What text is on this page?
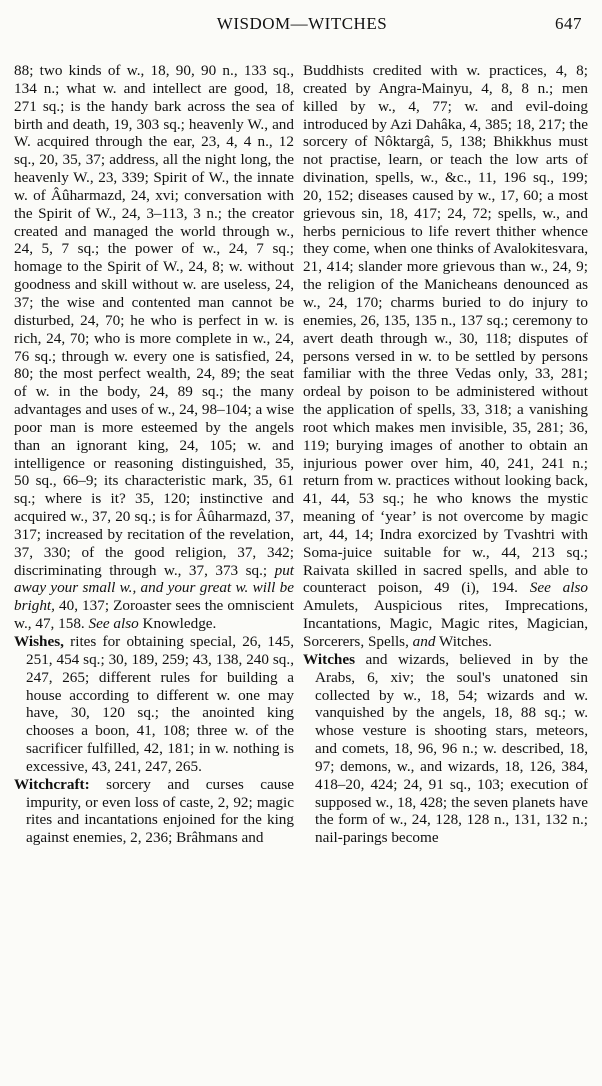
WISDOM—WITCHES	647

88; two kinds of w., 18, 90, 90 n., 133 sq., 134 n.; what w. and intellect are good, 18, 271 sq.; is the handy bark across the sea of birth and death, 19, 303 sq.; heavenly W., and W. acquired through the ear, 23, 4, 4 n., 12 sq., 20, 35, 37; address, all the night long, the heavenly W., 23, 339; Spirit of W., the innate w. of Âûharmazd, 24, xvi; conversation with the Spirit of W., 24, 3–113, 3 n.; the creator created and managed the world through w., 24, 5, 7 sq.; the power of w., 24, 7 sq.; homage to the Spirit of W., 24, 8; w. without goodness and skill without w. are useless, 24, 37; the wise and contented man cannot be disturbed, 24, 70; he who is perfect in w. is rich, 24, 70; who is more complete in w., 24, 76 sq.; through w. every one is satisfied, 24, 80; the most perfect wealth, 24, 89; the seat of w. in the body, 24, 89 sq.; the many advantages and uses of w., 24, 98–104; a wise poor man is more esteemed by the angels than an ignorant king, 24, 105; w. and intelligence or reasoning distinguished, 35, 50 sq., 66–9; its characteristic mark, 35, 61 sq.; where is it? 35, 120; instinctive and acquired w., 37, 20 sq.; is for Âûharmazd, 37, 317; increased by recitation of the revelation, 37, 330; of the good religion, 37, 342; discriminating through w., 37, 373 sq.; put away your small w., and your great w. will be bright, 40, 137; Zoroaster sees the omniscient w., 47, 158. See also Knowledge.

Wishes, rites for obtaining special, 26, 145, 251, 454 sq.; 30, 189, 259; 43, 138, 240 sq., 247, 265; different rules for building a house according to different w. one may have, 30, 120 sq.; the anointed king chooses a boon, 41, 108; three w. of the sacrificer fulfilled, 42, 181; in w. nothing is excessive, 43, 241, 247, 265.

Witchcraft: sorcery and curses cause impurity, or even loss of caste, 2, 92; magic rites and incantations enjoined for the king against enemies, 2, 236; Brâhmans and

Buddhists credited with w. practices, 4, 8; created by Angra-Mainyu, 4, 8, 8 n.; men killed by w., 4, 77; w. and evil-doing introduced by Azi Dahâka, 4, 385; 18, 217; the sorcery of Nôktargâ, 5, 138; Bhikkhus must not practise, learn, or teach the low arts of divination, spells, w., &c., 11, 196 sq., 199; 20, 152; diseases caused by w., 17, 60; a most grievous sin, 18, 417; 24, 72; spells, w., and herbs pernicious to life revert thither whence they come, when one thinks of Avalokitesvara, 21, 414; slander more grievous than w., 24, 9; the religion of the Manicheans denounced as w., 24, 170; charms buried to do injury to enemies, 26, 135, 135 n., 137 sq.; ceremony to avert death through w., 30, 118; disputes of persons versed in w. to be settled by persons familiar with the three Vedas only, 33, 281; ordeal by poison to be administered without the application of spells, 33, 318; a vanishing root which makes men invisible, 35, 281; 36, 119; burying images of another to obtain an injurious power over him, 40, 241, 241 n.; return from w. practices without looking back, 41, 44, 53 sq.; he who knows the mystic meaning of ‘year’ is not overcome by magic art, 44, 14; Indra exorcized by Tvashtri with Soma-juice suitable for w., 44, 213 sq.; Raivata skilled in sacred spells, and able to counteract poison, 49 (i), 194. See also Amulets, Auspicious rites, Imprecations, Incantations, Magic, Magic rites, Magician, Sorcerers, Spells, and Witches.

Witches and wizards, believed in by the Arabs, 6, xiv; the soul's unatoned sin collected by w., 18, 54; wizards and w. vanquished by the angels, 18, 88 sq.; w. whose vesture is shooting stars, meteors, and comets, 18, 96, 96 n.; w. described, 18, 97; demons, w., and wizards, 18, 126, 384, 418–20, 424; 24, 91 sq., 103; execution of supposed w., 18, 428; the seven planets have the form of w., 24, 128, 128 n., 131, 132 n.; nail-parings become
